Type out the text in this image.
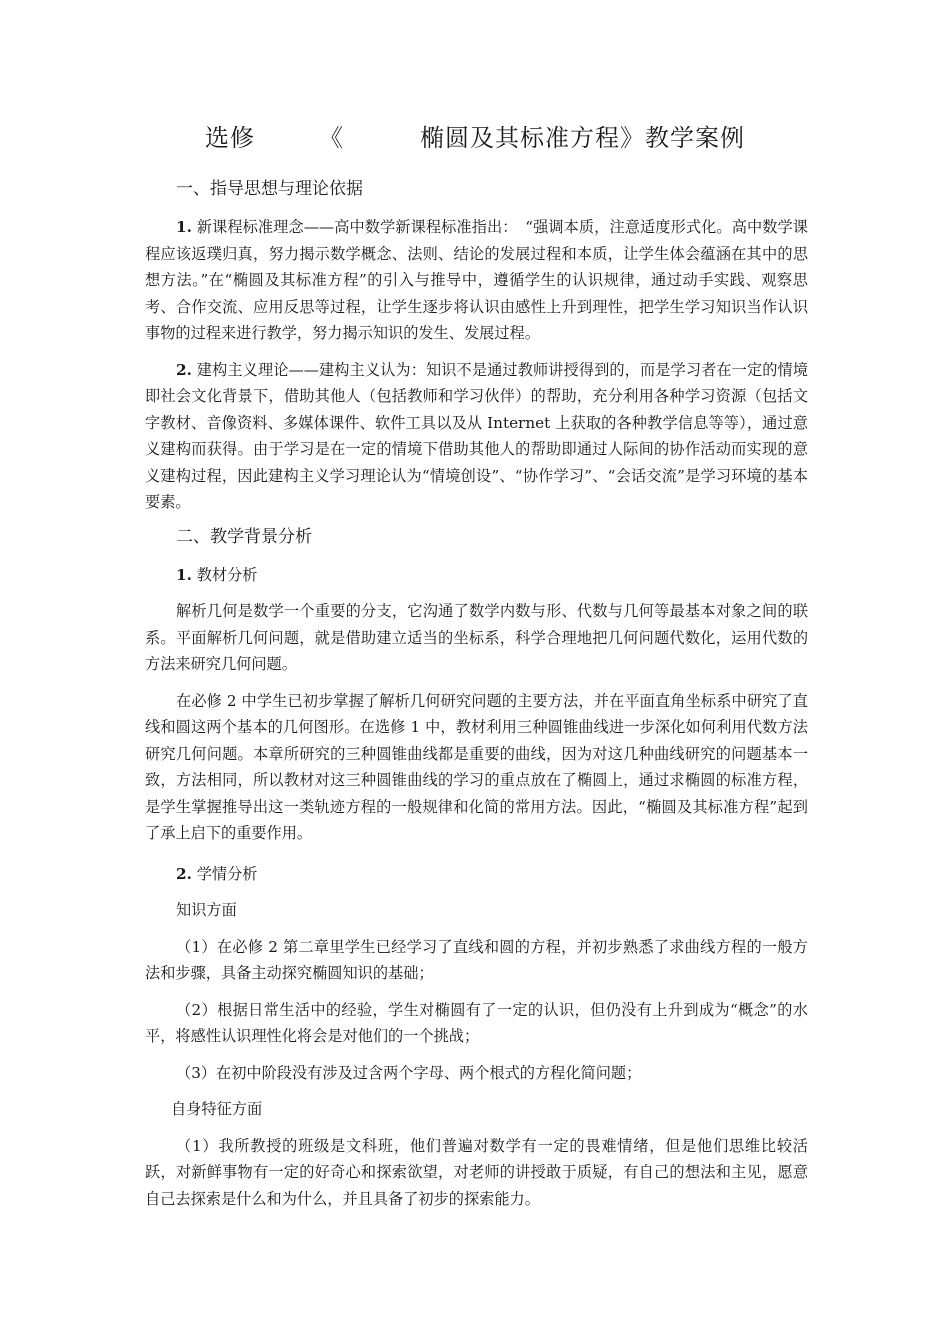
选修	《	椭圆及其标准方程》教学案例

一、指导思想与理论依据

1. 新课程标准理念——高中数学新课程标准指出：　“强调本质，注意适度形式化。高中数学课程应该返璞归真，努力揭示数学概念、法则、结论的发展过程和本质，让学生体会蕴涵在其中的思想方法。”在“椭圆及其标准方程”的引入与推导中，遵循学生的认识规律，通过动手实践、观察思考、合作交流、应用反思等过程，让学生逐步将认识由感性上升到理性，把学生学习知识当作认识事物的过程来进行教学，努力揭示知识的发生、发展过程。

2. 建构主义理论——建构主义认为：知识不是通过教师讲授得到的，而是学习者在一定的情境即社会文化背景下，借助其他人（包括教师和学习伙伴）的帮助，充分利用各种学习资源（包括文字教材、音像资料、多媒体课件、软件工具以及从 Internet 上获取的各种教学信息等等），通过意义建构而获得。由于学习是在一定的情境下借助其他人的帮助即通过人际间的协作活动而实现的意义建构过程，因此建构主义学习理论认为“情境创设”、“协作学习”、“会话交流”是学习环境的基本要素。

二、教学背景分析

1. 教材分析

解析几何是数学一个重要的分支，它沟通了数学内数与形、代数与几何等最基本对象之间的联系。平面解析几何问题，就是借助建立适当的坐标系，科学合理地把几何问题代数化，运用代数的方法来研究几何问题。

在必修 2 中学生已初步掌握了解析几何研究问题的主要方法，并在平面直角坐标系中研究了直线和圆这两个基本的几何图形。在选修 1 中，教材利用三种圆锥曲线进一步深化如何利用代数方法研究几何问题。本章所研究的三种圆锥曲线都是重要的曲线，因为对这几种曲线研究的问题基本一致，方法相同，所以教材对这三种圆锥曲线的学习的重点放在了椭圆上，通过求椭圆的标准方程，是学生掌握推导出这一类轨迹方程的一般规律和化简的常用方法。因此，“椭圆及其标准方程”起到了承上启下的重要作用。

2. 学情分析

知识方面

（1）在必修 2 第二章里学生已经学习了直线和圆的方程，并初步熟悉了求曲线方程的一般方法和步骤，具备主动探究椭圆知识的基础；

（2）根据日常生活中的经验，学生对椭圆有了一定的认识，但仍没有上升到成为“概念”的水平，将感性认识理性化将会是对他们的一个挑战；

（3）在初中阶段没有涉及过含两个字母、两个根式的方程化简问题；

自身特征方面

（1）我所教授的班级是文科班，他们普遍对数学有一定的畏难情绪，但是他们思维比较活跃，对新鲜事物有一定的好奇心和探索欲望，对老师的讲授敢于质疑，有自己的想法和主见，愿意自己去探索是什么和为什么，并且具备了初步的探索能力。
